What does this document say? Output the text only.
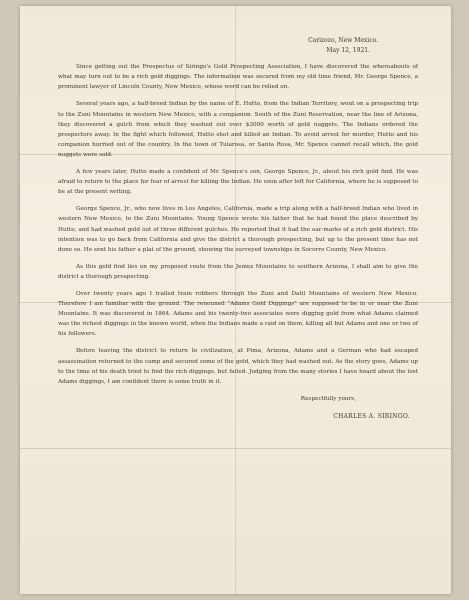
Carizozo, New Mexico.

May 12, 1921.

Since getting out the Prospectus of Siringo's Gold Prospecting Association, I have discovered the whereabouts of what may turn out to be a rich gold diggings. The information was secured from my old time friend, Mr. George Spence, a prominent lawyer of Lincoln County, New Mexico, whose word can be relied on.

Several years ago, a half-breed Indian by the name of E. Hutto, from the Indian Territory, went on a prospecting trip to the Zuni Mountains in western New Mexico, with a companion. South of the Zuni Reservation, near the line of Arizona, they discovered a gulch from which they washed out over $3000 worth of gold nuggets. The Indians ordered the prospectors away. In the fight which followed, Hutto shot and killed an Indian. To avoid arrest for murder, Hutto and his companion hurried out of the country. In the town of Tularosa, or Santa Rosa, Mr. Spence cannot recall which, the gold nuggets were sold.

A few years later, Hutto made a confident of Mr. Spence's son, George Spence, Jr., about his rich gold find. He was afraid to return to the place for fear of arrest for killing the Indian. He soon after left for California, where he is supposed to be at the present writing.

George Spence, Jr., who now lives in Los Angeles, California, made a trip along with a half-breed Indian who lived in western New Mexico, to the Zuni Mountains. Young Spence wrote his father that he had found the place described by Hutto, and had washed gold out of three different gulches. He reported that it had the ear-marks of a rich gold district. His intention was to go back from California and give the district a thorough prospecting, but up to the present time has not done so. He sent his father a plat of the ground, showing the surveyed townships in Socorro County, New Mexico.

As this gold find lies on my proposed route from the Jemez Mountains to southern Arizona, I shall aim to give the district a thorough prospecting.

Over twenty years ago I trailed train robbers through the Zuni and Datil Mountains of western New Mexico. Therefore I am familiar with the ground. The renouned "Adams Gold Diggings" are supposed to be in or near the Zuni Mountains. It was discovered in 1864. Adams and his twenty-two associates were digging gold from what Adams claimed was the richest diggings in the known world, when the Indians made a raid on them, killing all but Adams and one or two of his followers.

Before leaving the district to return to civilization, at Pima, Arizona, Adams and a German who had escaped assassination returned to the camp and secured some of the gold, which they had washed out. As the story goes, Adams up to the time of his death tried to find the rich diggings, but failed. Judging from the many stories I have heard about the lost Adams diggings, I am confident there is some truth in it.

Respectfully yours,

CHARLES A. SIRINGO.
